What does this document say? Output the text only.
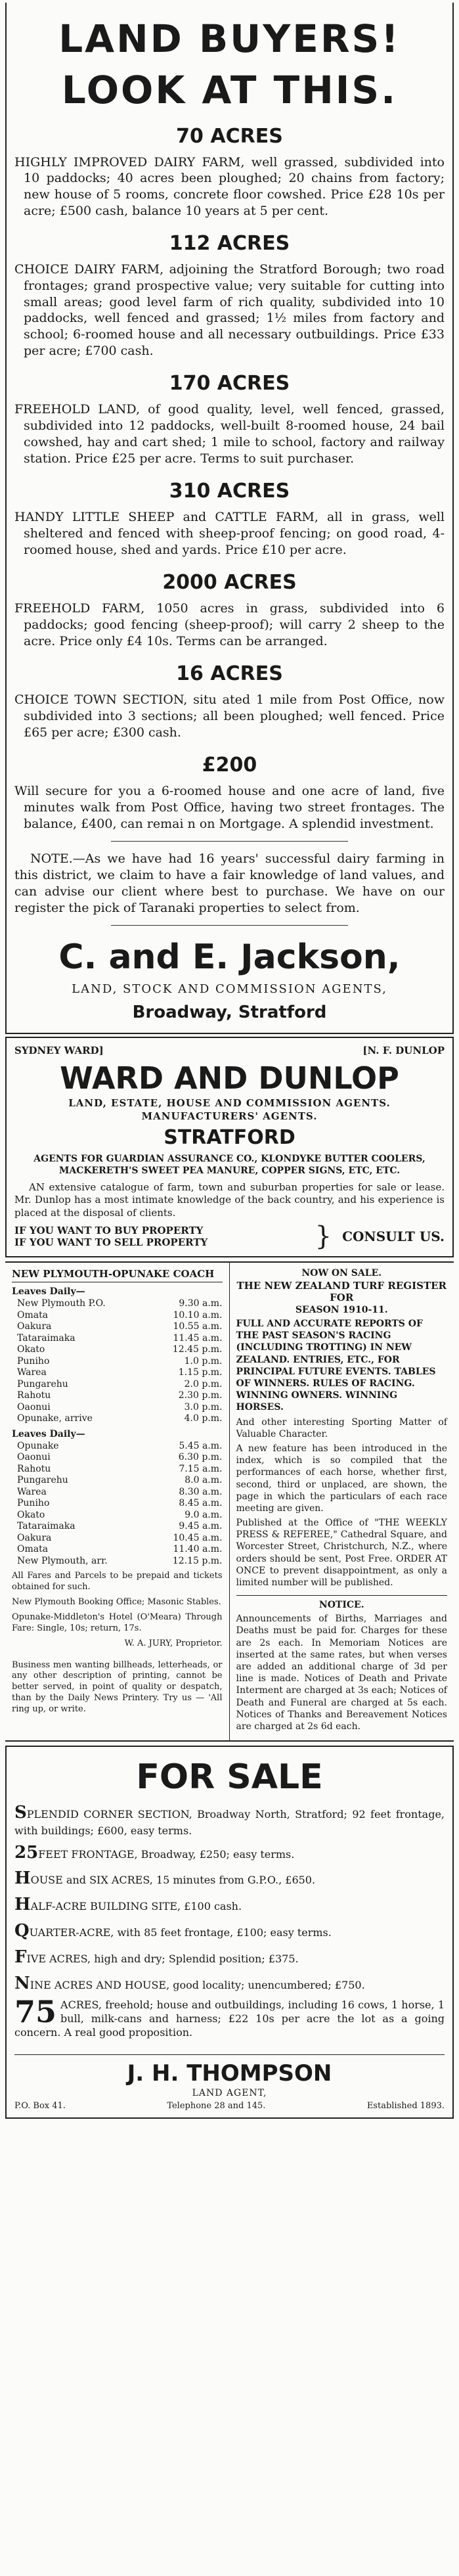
LAND BUYERS!
LOOK AT THIS.
70 ACRES

HIGHLY IMPROVED DAIRY FARM, well grassed, subdivided into 10 paddocks; 40 acres been ploughed; 20 chains from factory; new house of 5 rooms, concrete floor cowshed. Price £28 10s per acre; £500 cash, balance 10 years at 5 per cent.

112 ACRES

CHOICE DAIRY FARM, adjoining the Stratford Borough; two road frontages; grand prospective value; very suitable for cutting into small areas; good level farm of rich quality, subdivided into 10 paddocks, well fenced and grassed; 1½ miles from factory and school; 6-roomed house and all necessary outbuildings. Price £33 per acre; £700 cash.

170 ACRES

FREEHOLD LAND, of good quality, level, well fenced, grassed, subdivided into 12 paddocks, well-built 8-roomed house, 24 bail cowshed, hay and cart shed; 1 mile to school, factory and railway station. Price £25 per acre. Terms to suit purchaser.

310 ACRES

HANDY LITTLE SHEEP and CATTLE FARM, all in grass, well sheltered and fenced with sheep-proof fencing; on good road, 4-roomed house, shed and yards. Price £10 per acre.

2000 ACRES

FREEHOLD FARM, 1050 acres in grass, subdivided into 6 paddocks; good fencing (sheep-proof); will carry 2 sheep to the acre. Price only £4 10s. Terms can be arranged.

16 ACRES

CHOICE TOWN SECTION, situ ated 1 mile from Post Office, now subdivided into 3 sections; all been ploughed; well fenced. Price £65 per acre; £300 cash.

£200

Will secure for you a 6-roomed house and one acre of land, five minutes walk from Post Office, having two street frontages. The balance, £400, can remai n on Mortgage. A splendid investment.

NOTE.—As we have had 16 years' successful dairy farming in this district, we claim to have a fair knowledge of land values, and can advise our client where best to purchase. We have on our register the pick of Taranaki properties to select from.

C. and E. Jackson,
LAND, STOCK AND COMMISSION AGENTS,
Broadway, Stratford
SYDNEY WARD]	[N. F. DUNLOP
WARD AND DUNLOP
LAND, ESTATE, HOUSE AND COMMISSION AGENTS.
MANUFACTURERS' AGENTS.
STRATFORD
AGENTS FOR GUARDIAN ASSURANCE CO., KLONDYKE BUTTER COOLERS, MACKERETH'S SWEET PEA MANURE, COPPER SIGNS, ETC, ETC.

AN extensive catalogue of farm, town and suburban properties for sale or lease. Mr. Dunlop has a most intimate knowledge of the back country, and his experience is placed at the disposal of clients.

IF YOU WANT TO BUY PROPERTY
IF YOU WANT TO SELL PROPERTY	} CONSULT US.
NEW PLYMOUTH-OPUNAKE COACH
Leaves Daily—
New Plymouth P.O.	9.30 a.m.
Omata	10.10 a.m.
Oakura	10.55 a.m.
Tataraimaka	11.45 a.m.
Okato	12.45 p.m.
Puniho	1.0 p.m.
Warea	1.15 p.m.
Pungarehu	2.0 p.m.
Rahotu	2.30 p.m.
Oaonui	3.0 p.m.
Opunake, arrive	4.0 p.m.
Leaves Daily—
Opunake	5.45 a.m.
Oaonui	6.30 p.m.
Rahotu	7.15 a.m.
Pungarehu	8.0 a.m.
Warea	8.30 a.m.
Puniho	8.45 a.m.
Okato	9.0 a.m.
Tataraimaka	9.45 a.m.
Oakura	10.45 a.m.
Omata	11.40 a.m.
New Plymouth, arr.	12.15 p.m.

All Fares and Parcels to be prepaid and tickets obtained for such.

New Plymouth Booking Office; Masonic Stables.

Opunake-Middleton's Hotel (O'Meara) Through Fare: Single, 10s; return, 17s.

W. A. JURY, Proprietor.

Business men wanting billheads, letterheads, or any other description of printing, cannot be better served, in point of quality or despatch, than by the Daily News Printery. Try us — 'All ring up, or write.

NOW ON SALE.
THE NEW ZEALAND TURF REGISTER FOR
SEASON 1910-11.

FULL AND ACCURATE REPORTS OF THE PAST SEASON'S RACING (INCLUDING TROTTING) IN NEW ZEALAND. ENTRIES, ETC., FOR PRINCIPAL FUTURE EVENTS. TABLES OF WINNERS. RULES OF RACING. WINNING OWNERS. WINNING HORSES.

And other interesting Sporting Matter of Valuable Character.

A new feature has been introduced in the index, which is so compiled that the performances of each horse, whether first, second, third or unplaced, are shown, the page in which the particulars of each race meeting are given.

Published at the Office of "THE WEEKLY PRESS & REFEREE," Cathedral Square, and Worcester Street, Christchurch, N.Z., where orders should be sent, Post Free. ORDER AT ONCE to prevent disappointment, as only a limited number will be published.

NOTICE.

Announcements of Births, Marriages and Deaths must be paid for. Charges for these are 2s each. In Memoriam Notices are inserted at the same rates, but when verses are added an additional charge of 3d per line is made. Notices of Death and Private Interment are charged at 3s each; Notices of Death and Funeral are charged at 5s each. Notices of Thanks and Bereavement Notices are charged at 2s 6d each.

FOR SALE

SPLENDID CORNER SECTION, Broadway North, Stratford; 92 feet frontage, with buildings; £600, easy terms.

25FEET FRONTAGE, Broadway, £250; easy terms.

HOUSE and SIX ACRES, 15 minutes from G.P.O., £650.

HALF-ACRE BUILDING SITE, £100 cash.

QUARTER-ACRE, with 85 feet frontage, £100; easy terms.

FIVE ACRES, high and dry; Splendid position; £375.

NINE ACRES AND HOUSE, good locality; unencumbered; £750.

75 ACRES, freehold; house and outbuildings, including 16 cows, 1 horse, 1 bull, milk-cans and harness; £22 10s per acre the lot as a going concern. A real good proposition.

J. H. THOMPSON
LAND AGENT,
P.O. Box 41.	Telephone 28 and 145.	Established 1893.
